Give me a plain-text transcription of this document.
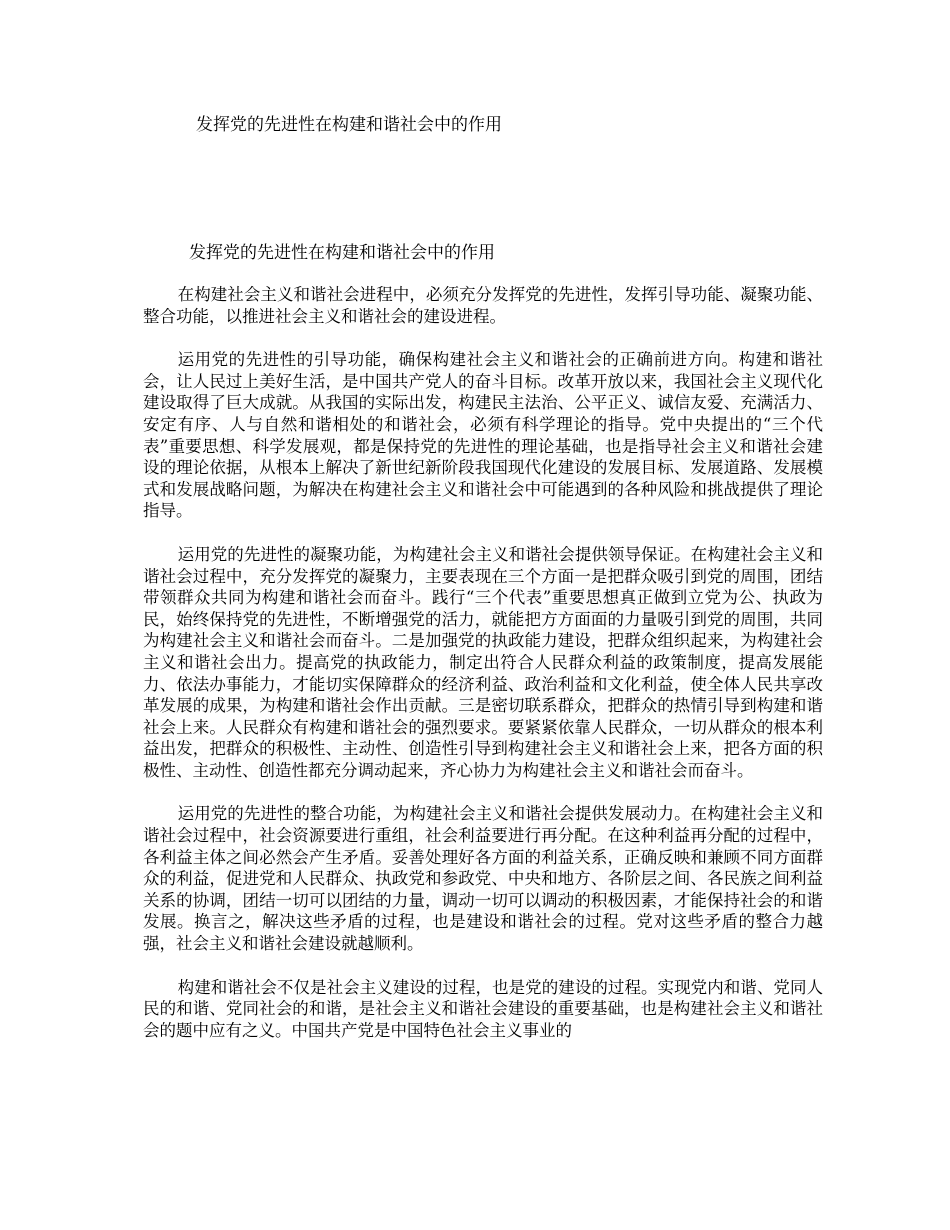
发挥党的先进性在构建和谐社会中的作用
发挥党的先进性在构建和谐社会中的作用

在构建社会主义和谐社会进程中，必须充分发挥党的先进性，发挥引导功能、凝聚功能、整合功能，以推进社会主义和谐社会的建设进程。

运用党的先进性的引导功能，确保构建社会主义和谐社会的正确前进方向。构建和谐社会，让人民过上美好生活，是中国共产党人的奋斗目标。改革开放以来，我国社会主义现代化建设取得了巨大成就。从我国的实际出发，构建民主法治、公平正义、诚信友爱、充满活力、安定有序、人与自然和谐相处的和谐社会，必须有科学理论的指导。党中央提出的“三个代表”重要思想、科学发展观，都是保持党的先进性的理论基础，也是指导社会主义和谐社会建设的理论依据，从根本上解决了新世纪新阶段我国现代化建设的发展目标、发展道路、发展模式和发展战略问题，为解决在构建社会主义和谐社会中可能遇到的各种风险和挑战提供了理论指导。

运用党的先进性的凝聚功能，为构建社会主义和谐社会提供领导保证。在构建社会主义和谐社会过程中，充分发挥党的凝聚力，主要表现在三个方面一是把群众吸引到党的周围，团结带领群众共同为构建和谐社会而奋斗。践行“三个代表”重要思想真正做到立党为公、执政为民，始终保持党的先进性，不断增强党的活力，就能把方方面面的力量吸引到党的周围，共同为构建社会主义和谐社会而奋斗。二是加强党的执政能力建设，把群众组织起来，为构建社会主义和谐社会出力。提高党的执政能力，制定出符合人民群众利益的政策制度，提高发展能力、依法办事能力，才能切实保障群众的经济利益、政治利益和文化利益，使全体人民共享改革发展的成果，为构建和谐社会作出贡献。三是密切联系群众，把群众的热情引导到构建和谐社会上来。人民群众有构建和谐社会的强烈要求。要紧紧依靠人民群众，一切从群众的根本利益出发，把群众的积极性、主动性、创造性引导到构建社会主义和谐社会上来，把各方面的积极性、主动性、创造性都充分调动起来，齐心协力为构建社会主义和谐社会而奋斗。

运用党的先进性的整合功能，为构建社会主义和谐社会提供发展动力。在构建社会主义和谐社会过程中，社会资源要进行重组，社会利益要进行再分配。在这种利益再分配的过程中，各利益主体之间必然会产生矛盾。妥善处理好各方面的利益关系，正确反映和兼顾不同方面群众的利益，促进党和人民群众、执政党和参政党、中央和地方、各阶层之间、各民族之间利益关系的协调，团结一切可以团结的力量，调动一切可以调动的积极因素，才能保持社会的和谐发展。换言之，解决这些矛盾的过程，也是建设和谐社会的过程。党对这些矛盾的整合力越强，社会主义和谐社会建设就越顺利。

构建和谐社会不仅是社会主义建设的过程，也是党的建设的过程。实现党内和谐、党同人民的和谐、党同社会的和谐，是社会主义和谐社会建设的重要基础，也是构建社会主义和谐社会的题中应有之义。中国共产党是中国特色社会主义事业的
